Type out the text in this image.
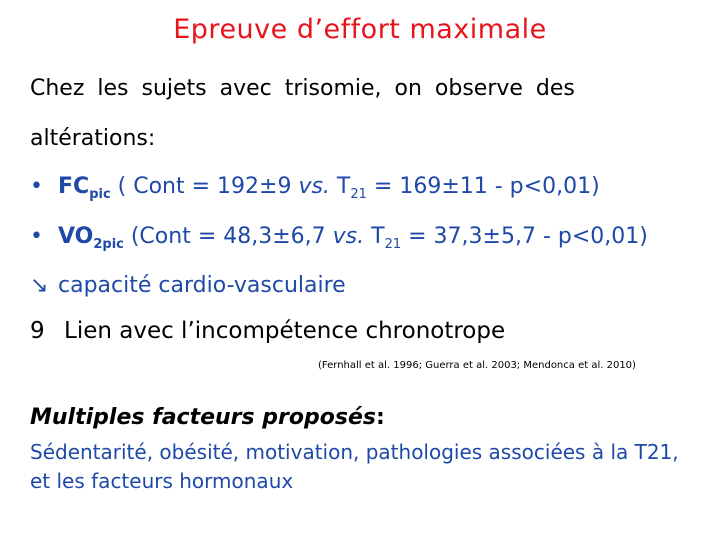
Epreuve d’effort maximale
Chez les sujets avec trisomie, on observe des
altérations:
• $FC_{pic}$ ( Cont = 192±9 vs. $T_{21} = 169\pm 11 - p<0,01$)
• $VO_{2pic}$ (Cont = 48,3±6,7 vs. $T_{21} = 37,3\pm 5,7 - p<0,01$)
↘ capacité cardio-vasculaire
9 Lien avec l’incompétence chronotrope
(Fernhall et al. 1996; Guerra et al. 2003; Mendonca et al. 2010)
Multiples facteurs proposés:
Sédentarité, obésité, motivation, pathologies associées à la T21, et les facteurs hormonaux
